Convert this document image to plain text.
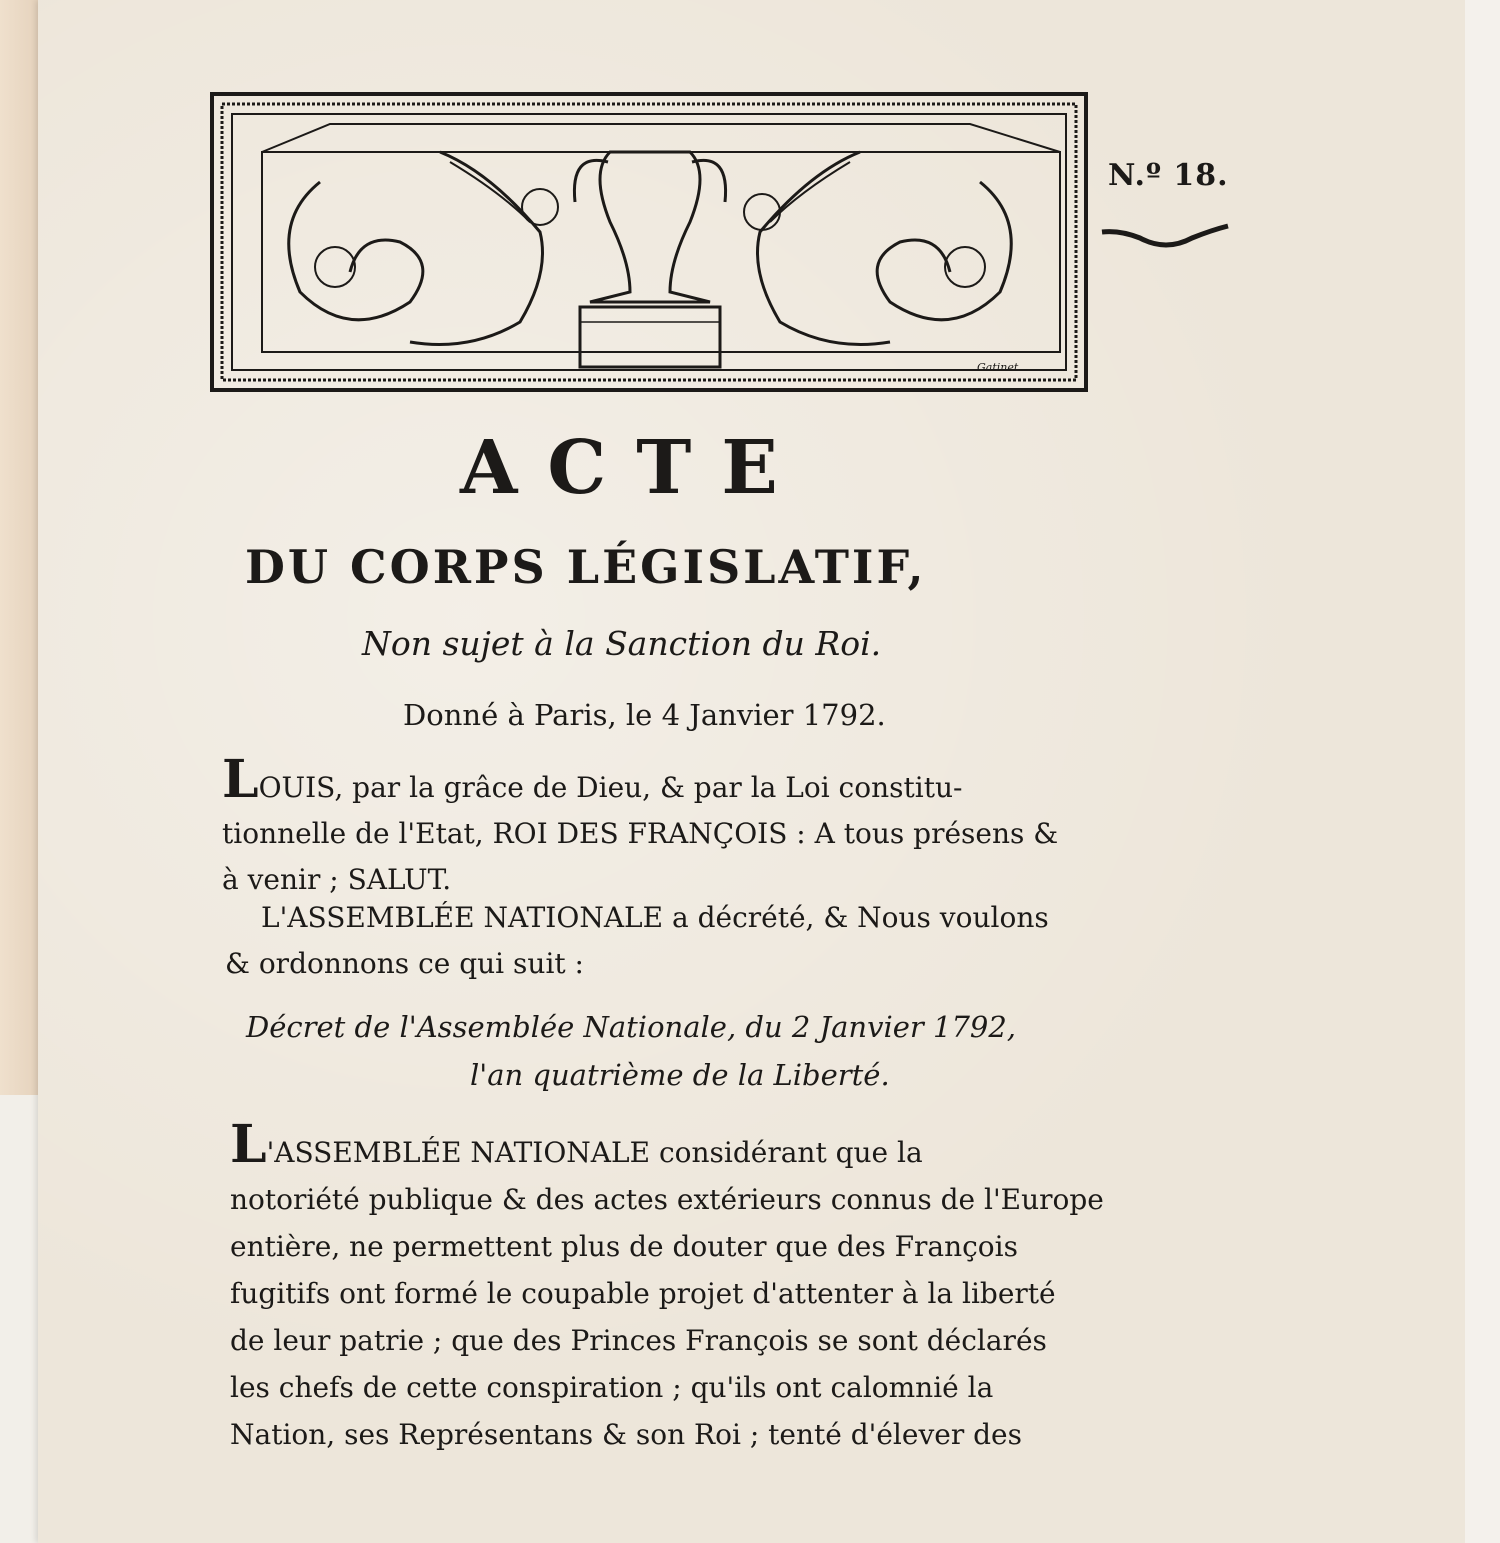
Gatinet
N.º 18.
ACTE
DU CORPS LÉGISLATIF,
Non sujet à la Sanction du Roi.
Donné à Paris, le 4 Janvier 1792.
LOUIS, par la grâce de Dieu, & par la Loi constitu-
tionnelle de l'Etat, ROI DES FRANÇOIS : A tous présens &
à venir ; SALUT.
L'ASSEMBLÉE NATIONALE a décrété, & Nous voulons
& ordonnons ce qui suit :
Décret de l'Assemblée Nationale, du 2 Janvier 1792,
l'an quatrième de la Liberté.
L'ASSEMBLÉE NATIONALE considérant que la
notoriété publique & des actes extérieurs connus de l'Europe
entière, ne permettent plus de douter que des François
fugitifs ont formé le coupable projet d'attenter à la liberté
de leur patrie ; que des Princes François se sont déclarés
les chefs de cette conspiration ; qu'ils ont calomnié la
Nation, ses Représentans & son Roi ; tenté d'élever des
